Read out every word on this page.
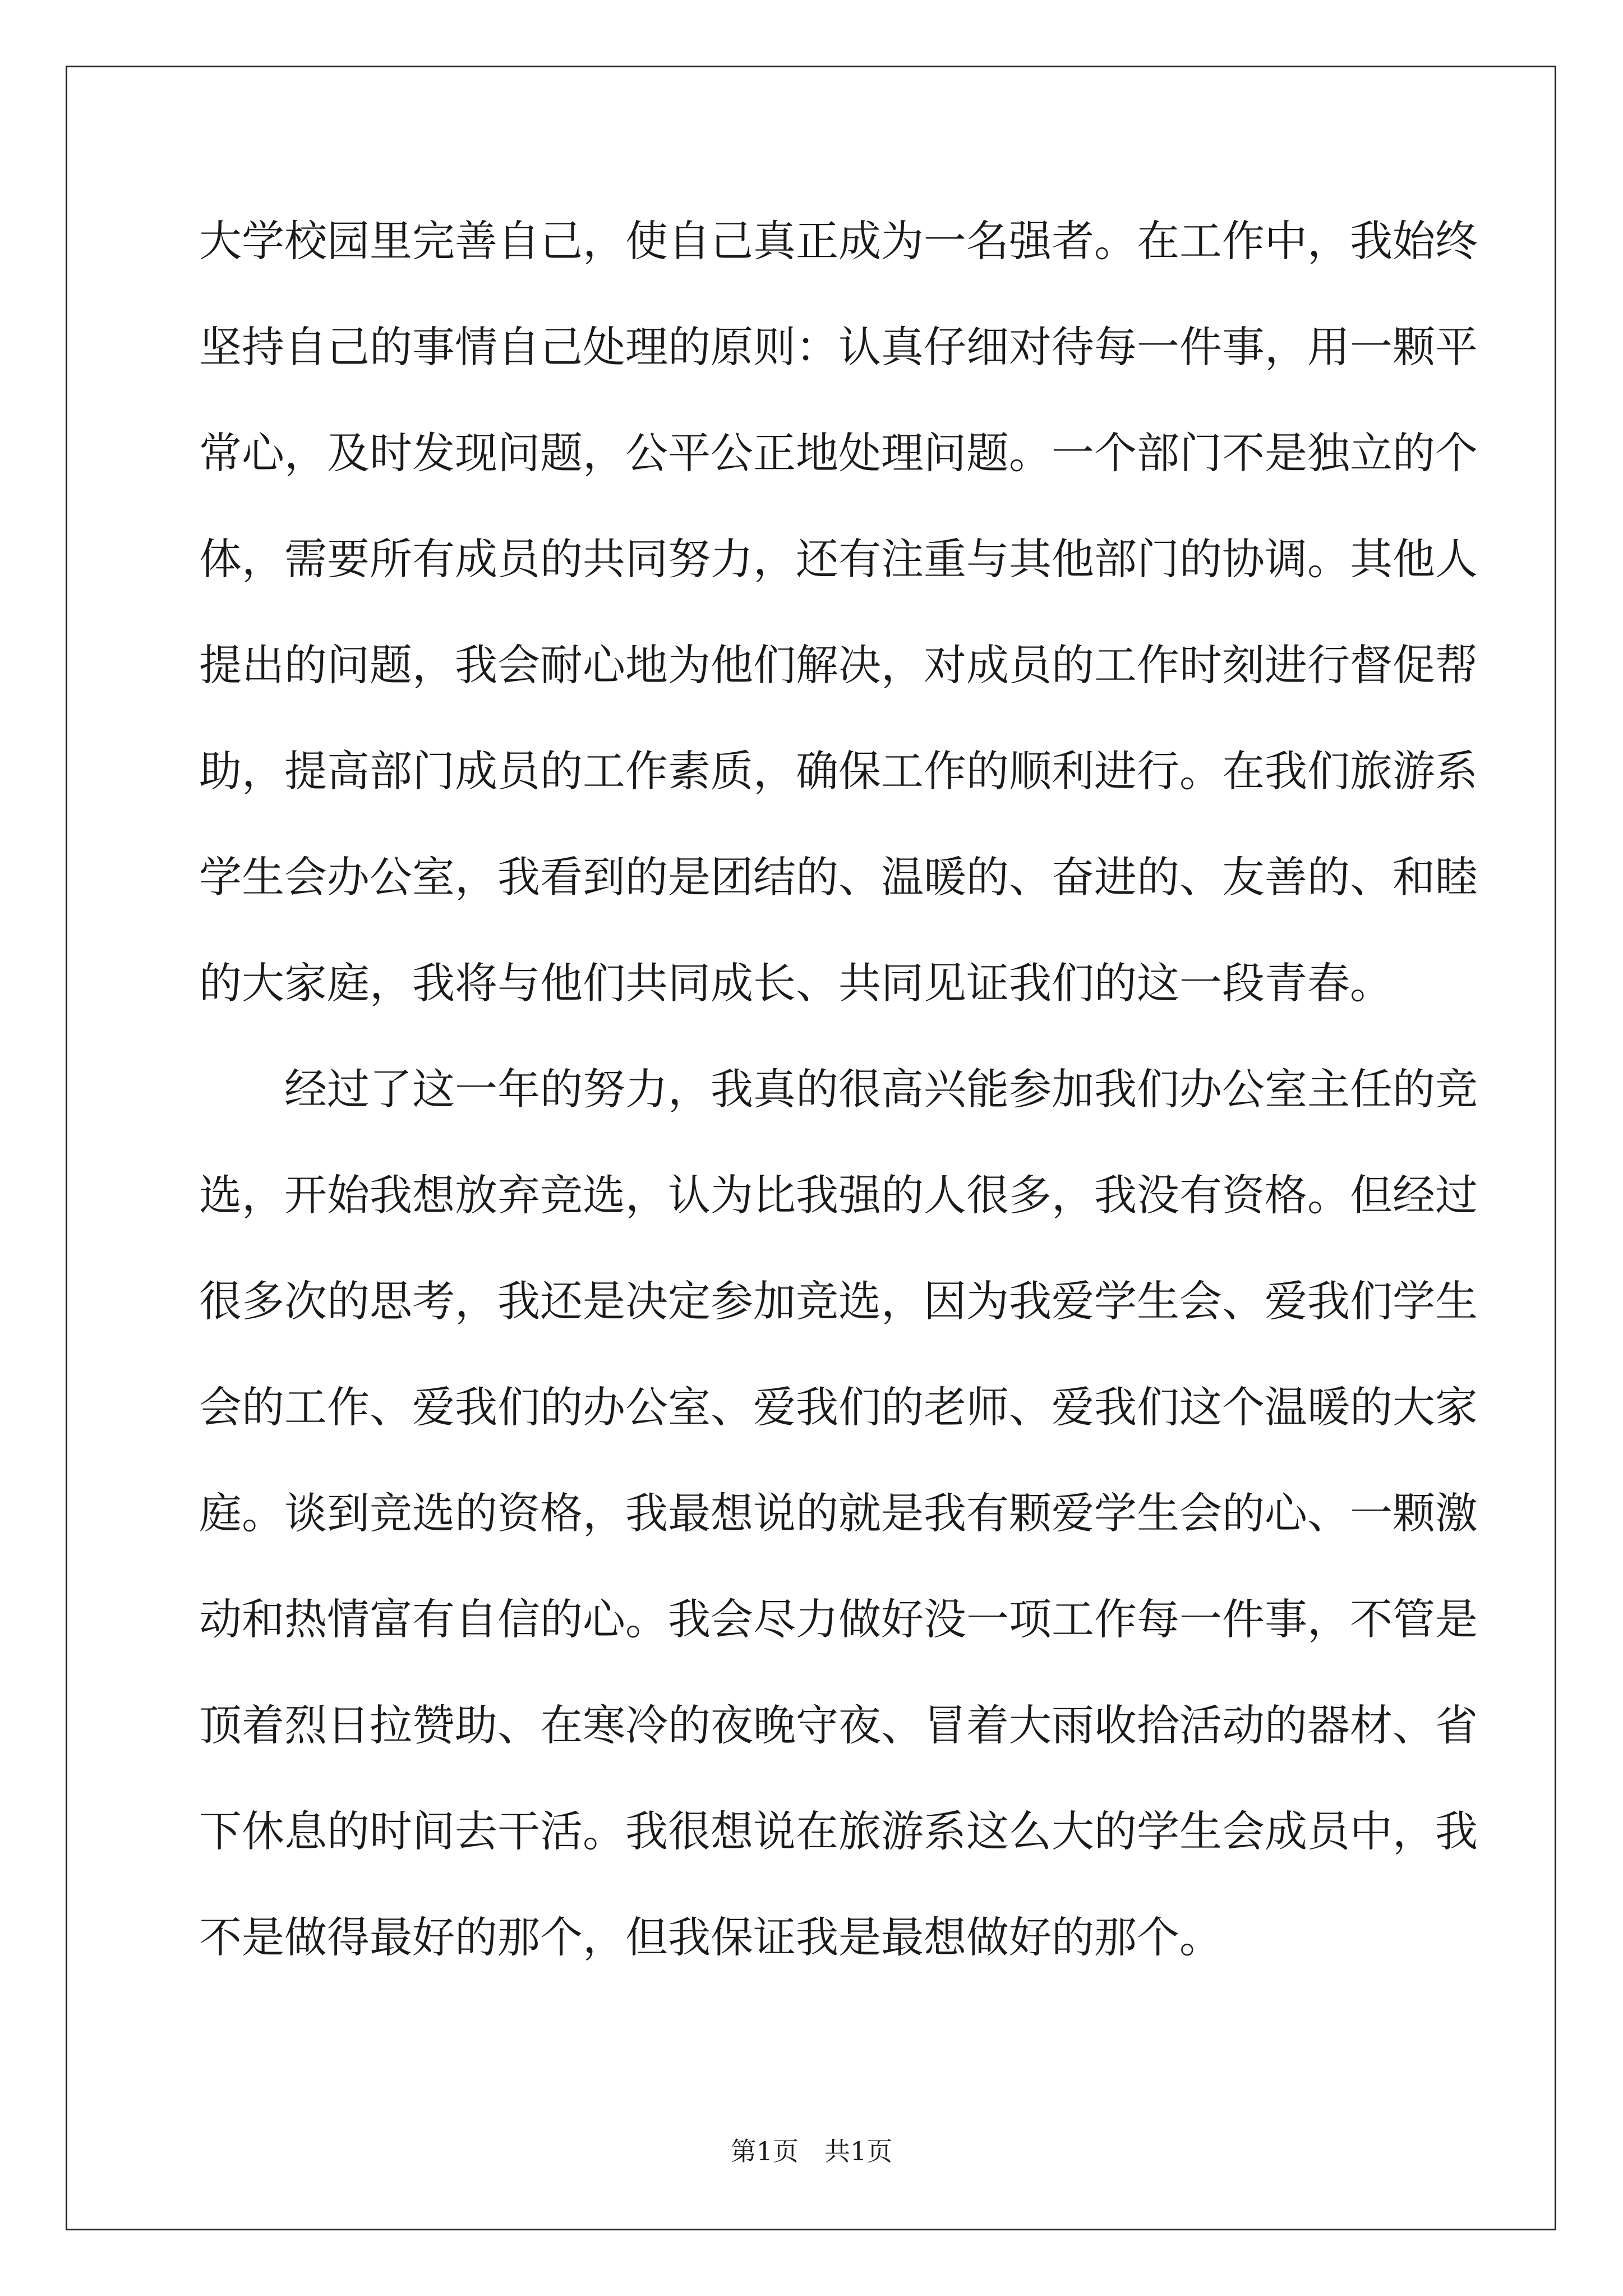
大学校园里完善自己，使自己真正成为一名强者。在工作中，我始终
坚持自己的事情自己处理的原则：认真仔细对待每一件事，用一颗平
常心，及时发现问题，公平公正地处理问题。一个部门不是独立的个
体，需要所有成员的共同努力，还有注重与其他部门的协调。其他人
提出的问题，我会耐心地为他们解决，对成员的工作时刻进行督促帮
助，提高部门成员的工作素质，确保工作的顺利进行。在我们旅游系
学生会办公室，我看到的是团结的、温暖的、奋进的、友善的、和睦
的大家庭，我将与他们共同成长、共同见证我们的这一段青春。
　　经过了这一年的努力，我真的很高兴能参加我们办公室主任的竞
选，开始我想放弃竞选，认为比我强的人很多，我没有资格。但经过
很多次的思考，我还是决定参加竞选，因为我爱学生会、爱我们学生
会的工作、爱我们的办公室、爱我们的老师、爱我们这个温暖的大家
庭。谈到竞选的资格，我最想说的就是我有颗爱学生会的心、一颗激
动和热情富有自信的心。我会尽力做好没一项工作每一件事，不管是
顶着烈日拉赞助、在寒冷的夜晚守夜、冒着大雨收拾活动的器材、省
下休息的时间去干活。我很想说在旅游系这么大的学生会成员中，我
不是做得最好的那个，但我保证我是最想做好的那个。
第1页　共1页
